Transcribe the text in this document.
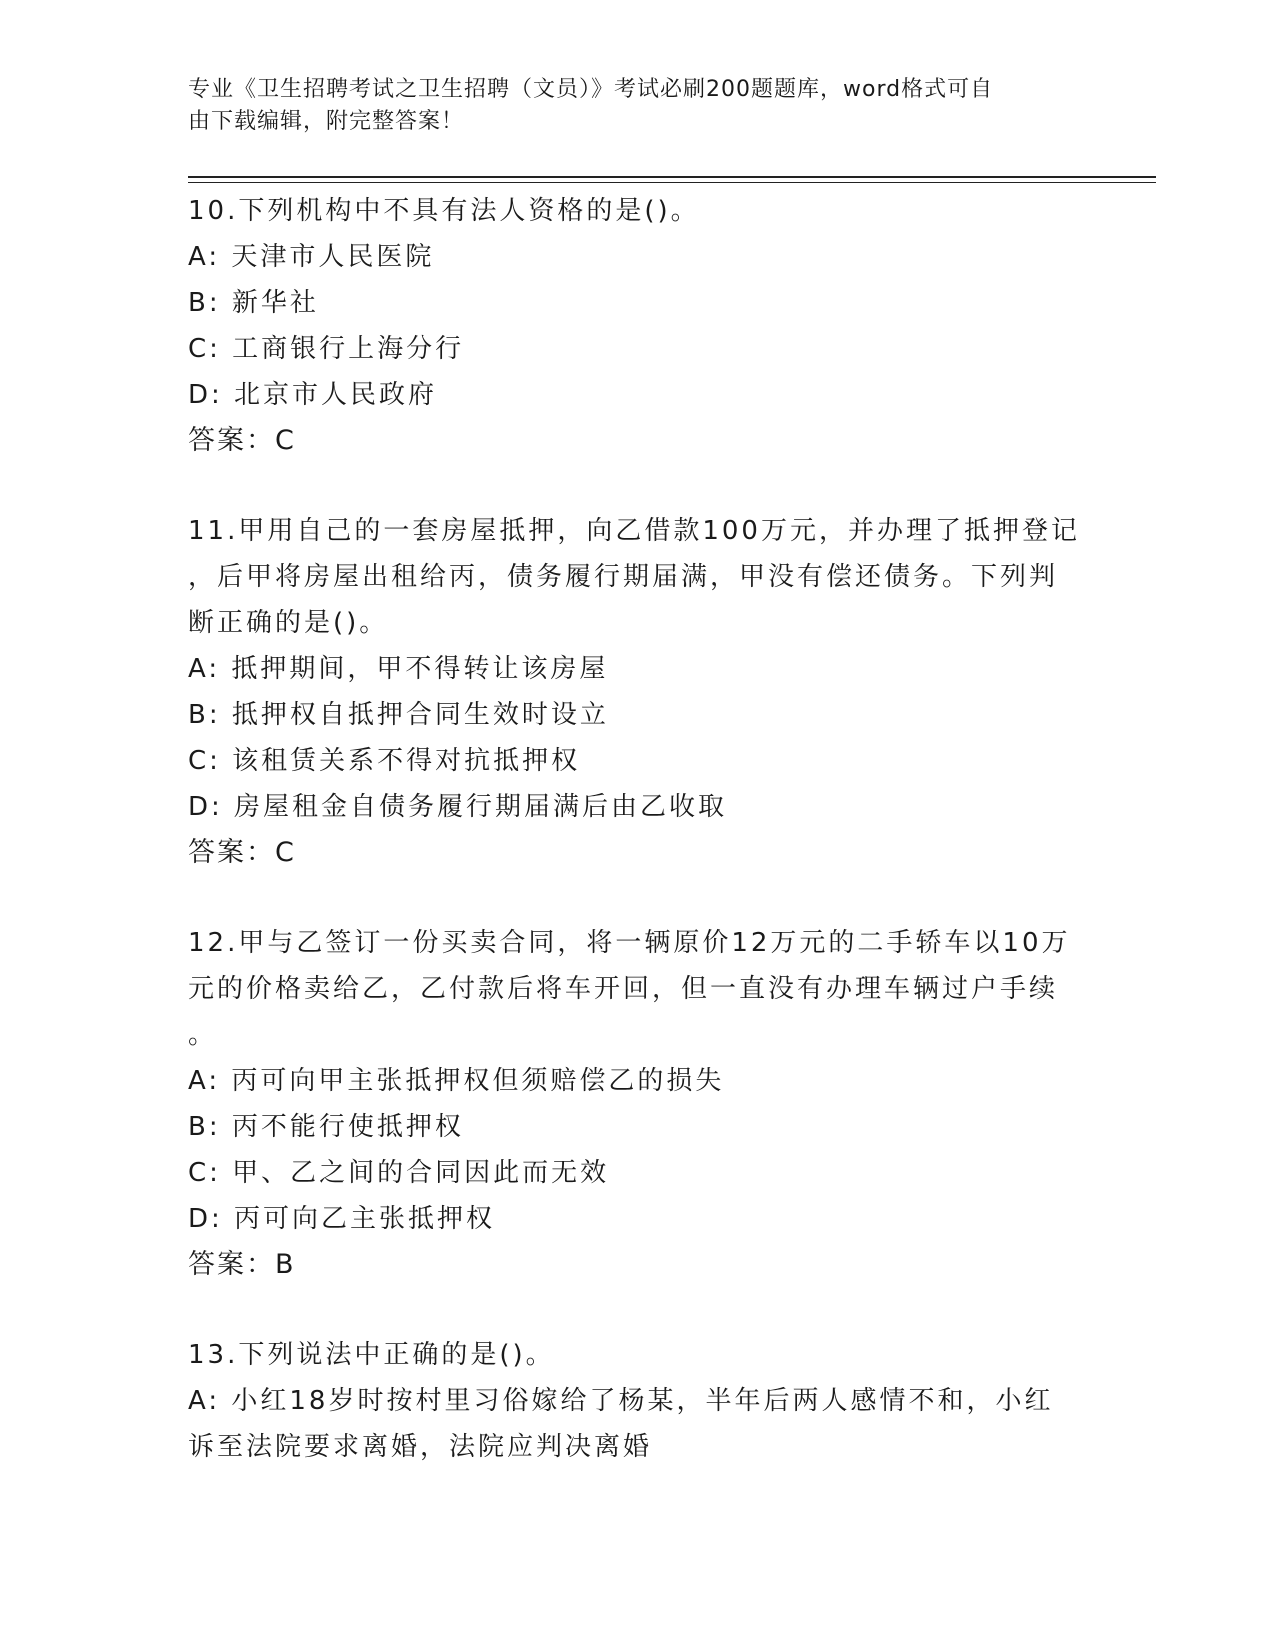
专业《卫生招聘考试之卫生招聘（文员）》考试必刷200题题库，word格式可自
由下载编辑，附完整答案！
10.下列机构中不具有法人资格的是()。
A: 天津市人民医院
B: 新华社
C: 工商银行上海分行
D: 北京市人民政府
答案：C
11.甲用自己的一套房屋抵押，向乙借款100万元，并办理了抵押登记
，后甲将房屋出租给丙，债务履行期届满，甲没有偿还债务。下列判
断正确的是()。
A: 抵押期间，甲不得转让该房屋
B: 抵押权自抵押合同生效时设立
C: 该租赁关系不得对抗抵押权
D: 房屋租金自债务履行期届满后由乙收取
答案：C
12.甲与乙签订一份买卖合同，将一辆原价12万元的二手轿车以10万
元的价格卖给乙，乙付款后将车开回，但一直没有办理车辆过户手续
。
A: 丙可向甲主张抵押权但须赔偿乙的损失
B: 丙不能行使抵押权
C: 甲、乙之间的合同因此而无效
D: 丙可向乙主张抵押权
答案：B
13.下列说法中正确的是()。
A: 小红18岁时按村里习俗嫁给了杨某，半年后两人感情不和，小红
诉至法院要求离婚，法院应判决离婚
